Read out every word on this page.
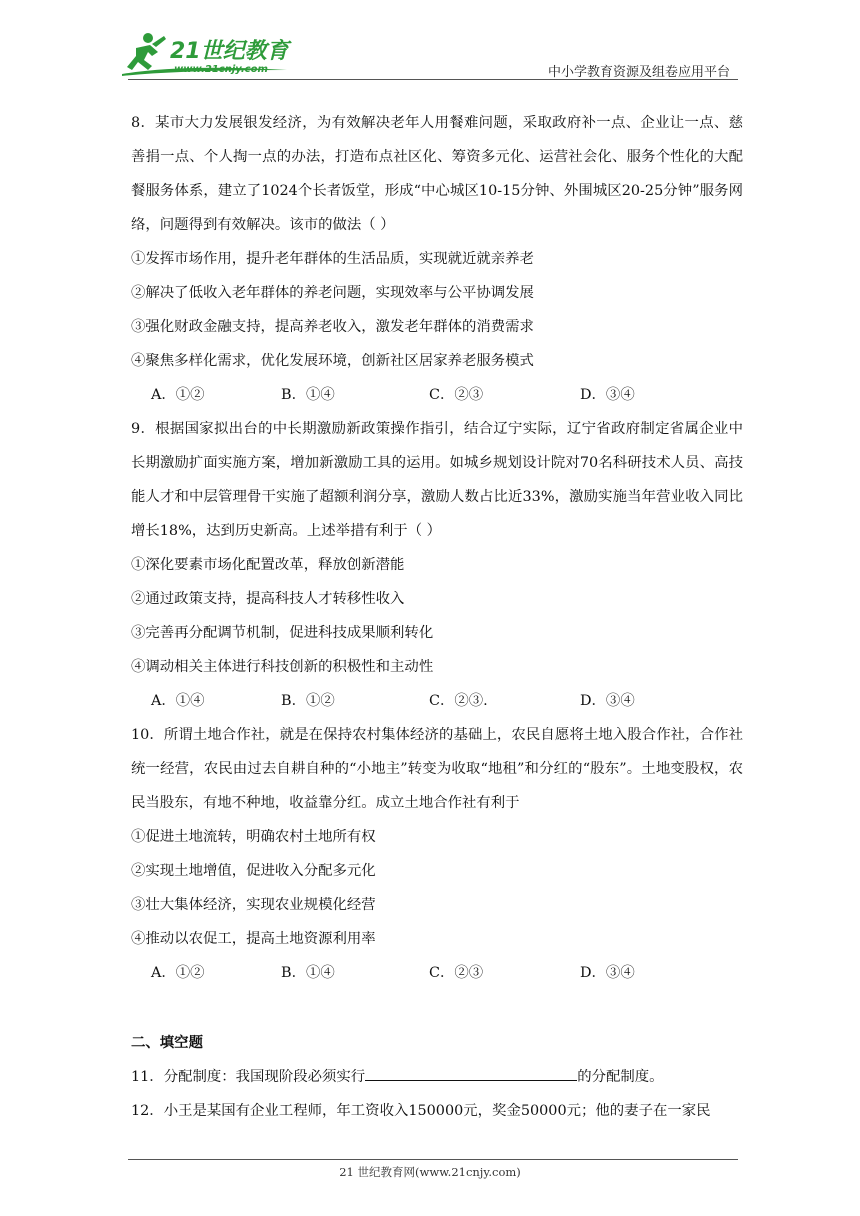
21世纪教育
www.21cnjy.com	中小学教育资源及组卷应用平台
8．某市大力发展银发经济，为有效解决老年人用餐难问题，采取政府补一点、企业让一点、慈善捐一点、个人掏一点的办法，打造布点社区化、筹资多元化、运营社会化、服务个性化的大配餐服务体系，建立了1024个长者饭堂，形成“中心城区10-15分钟、外围城区20-25分钟”服务网络，问题得到有效解决。该市的做法（ ）
①发挥市场作用，提升老年群体的生活品质，实现就近就亲养老
②解决了低收入老年群体的养老问题，实现效率与公平协调发展
③强化财政金融支持，提高养老收入，激发老年群体的消费需求
④聚焦多样化需求，优化发展环境，创新社区居家养老服务模式
A．①②	B．①④	C．②③	D．③④
9．根据国家拟出台的中长期激励新政策操作指引，结合辽宁实际，辽宁省政府制定省属企业中长期激励扩面实施方案，增加新激励工具的运用。如城乡规划设计院对70名科研技术人员、高技能人才和中层管理骨干实施了超额利润分享，激励人数占比近33%，激励实施当年营业收入同比增长18%，达到历史新高。上述举措有利于（ ）
①深化要素市场化配置改革，释放创新潜能
②通过政策支持，提高科技人才转移性收入
③完善再分配调节机制，促进科技成果顺利转化
④调动相关主体进行科技创新的积极性和主动性
A．①④	B．①②	C．②③.	D．③④
10．所谓土地合作社，就是在保持农村集体经济的基础上，农民自愿将土地入股合作社，合作社统一经营，农民由过去自耕自种的“小地主”转变为收取“地租”和分红的“股东”。土地变股权，农民当股东，有地不种地，收益靠分红。成立土地合作社有利于
①促进土地流转，明确农村土地所有权
②实现土地增值，促进收入分配多元化
③壮大集体经济，实现农业规模化经营
④推动以农促工，提高土地资源利用率
A．①②	B．①④	C．②③	D．③④
二、填空题
11．分配制度：我国现阶段必须实行	的分配制度。
12．小王是某国有企业工程师，年工资收入150000元，奖金50000元；他的妻子在一家民
21 世纪教育网(www.21cnjy.com)
